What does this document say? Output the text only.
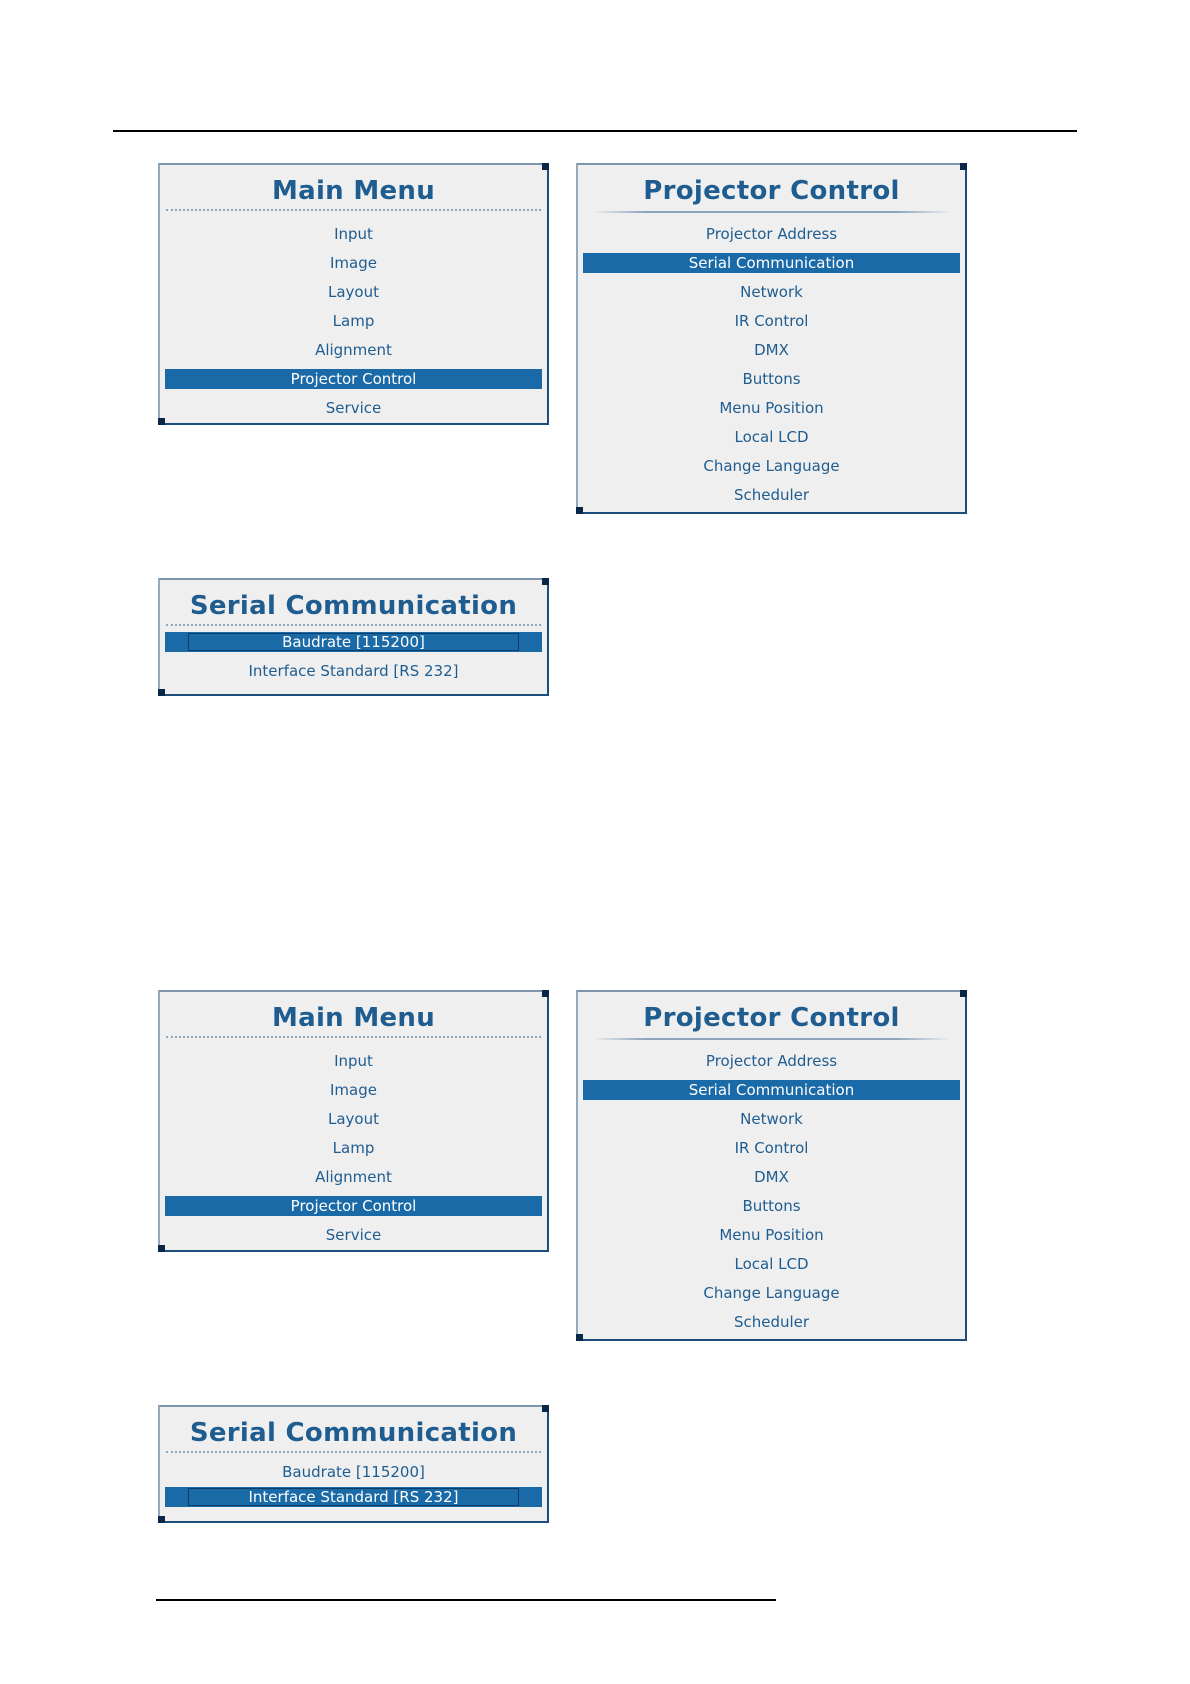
Main Menu
Input
Image
Layout
Lamp
Alignment
Projector Control
Service
Projector Control
Projector Address
Serial Communication
Network
IR Control
DMX
Buttons
Menu Position
Local LCD
Change Language
Scheduler
Serial Communication
Baudrate [115200]
Interface Standard [RS 232]
Main Menu
Input
Image
Layout
Lamp
Alignment
Projector Control
Service
Projector Control
Projector Address
Serial Communication
Network
IR Control
DMX
Buttons
Menu Position
Local LCD
Change Language
Scheduler
Serial Communication
Baudrate [115200]
Interface Standard [RS 232]
